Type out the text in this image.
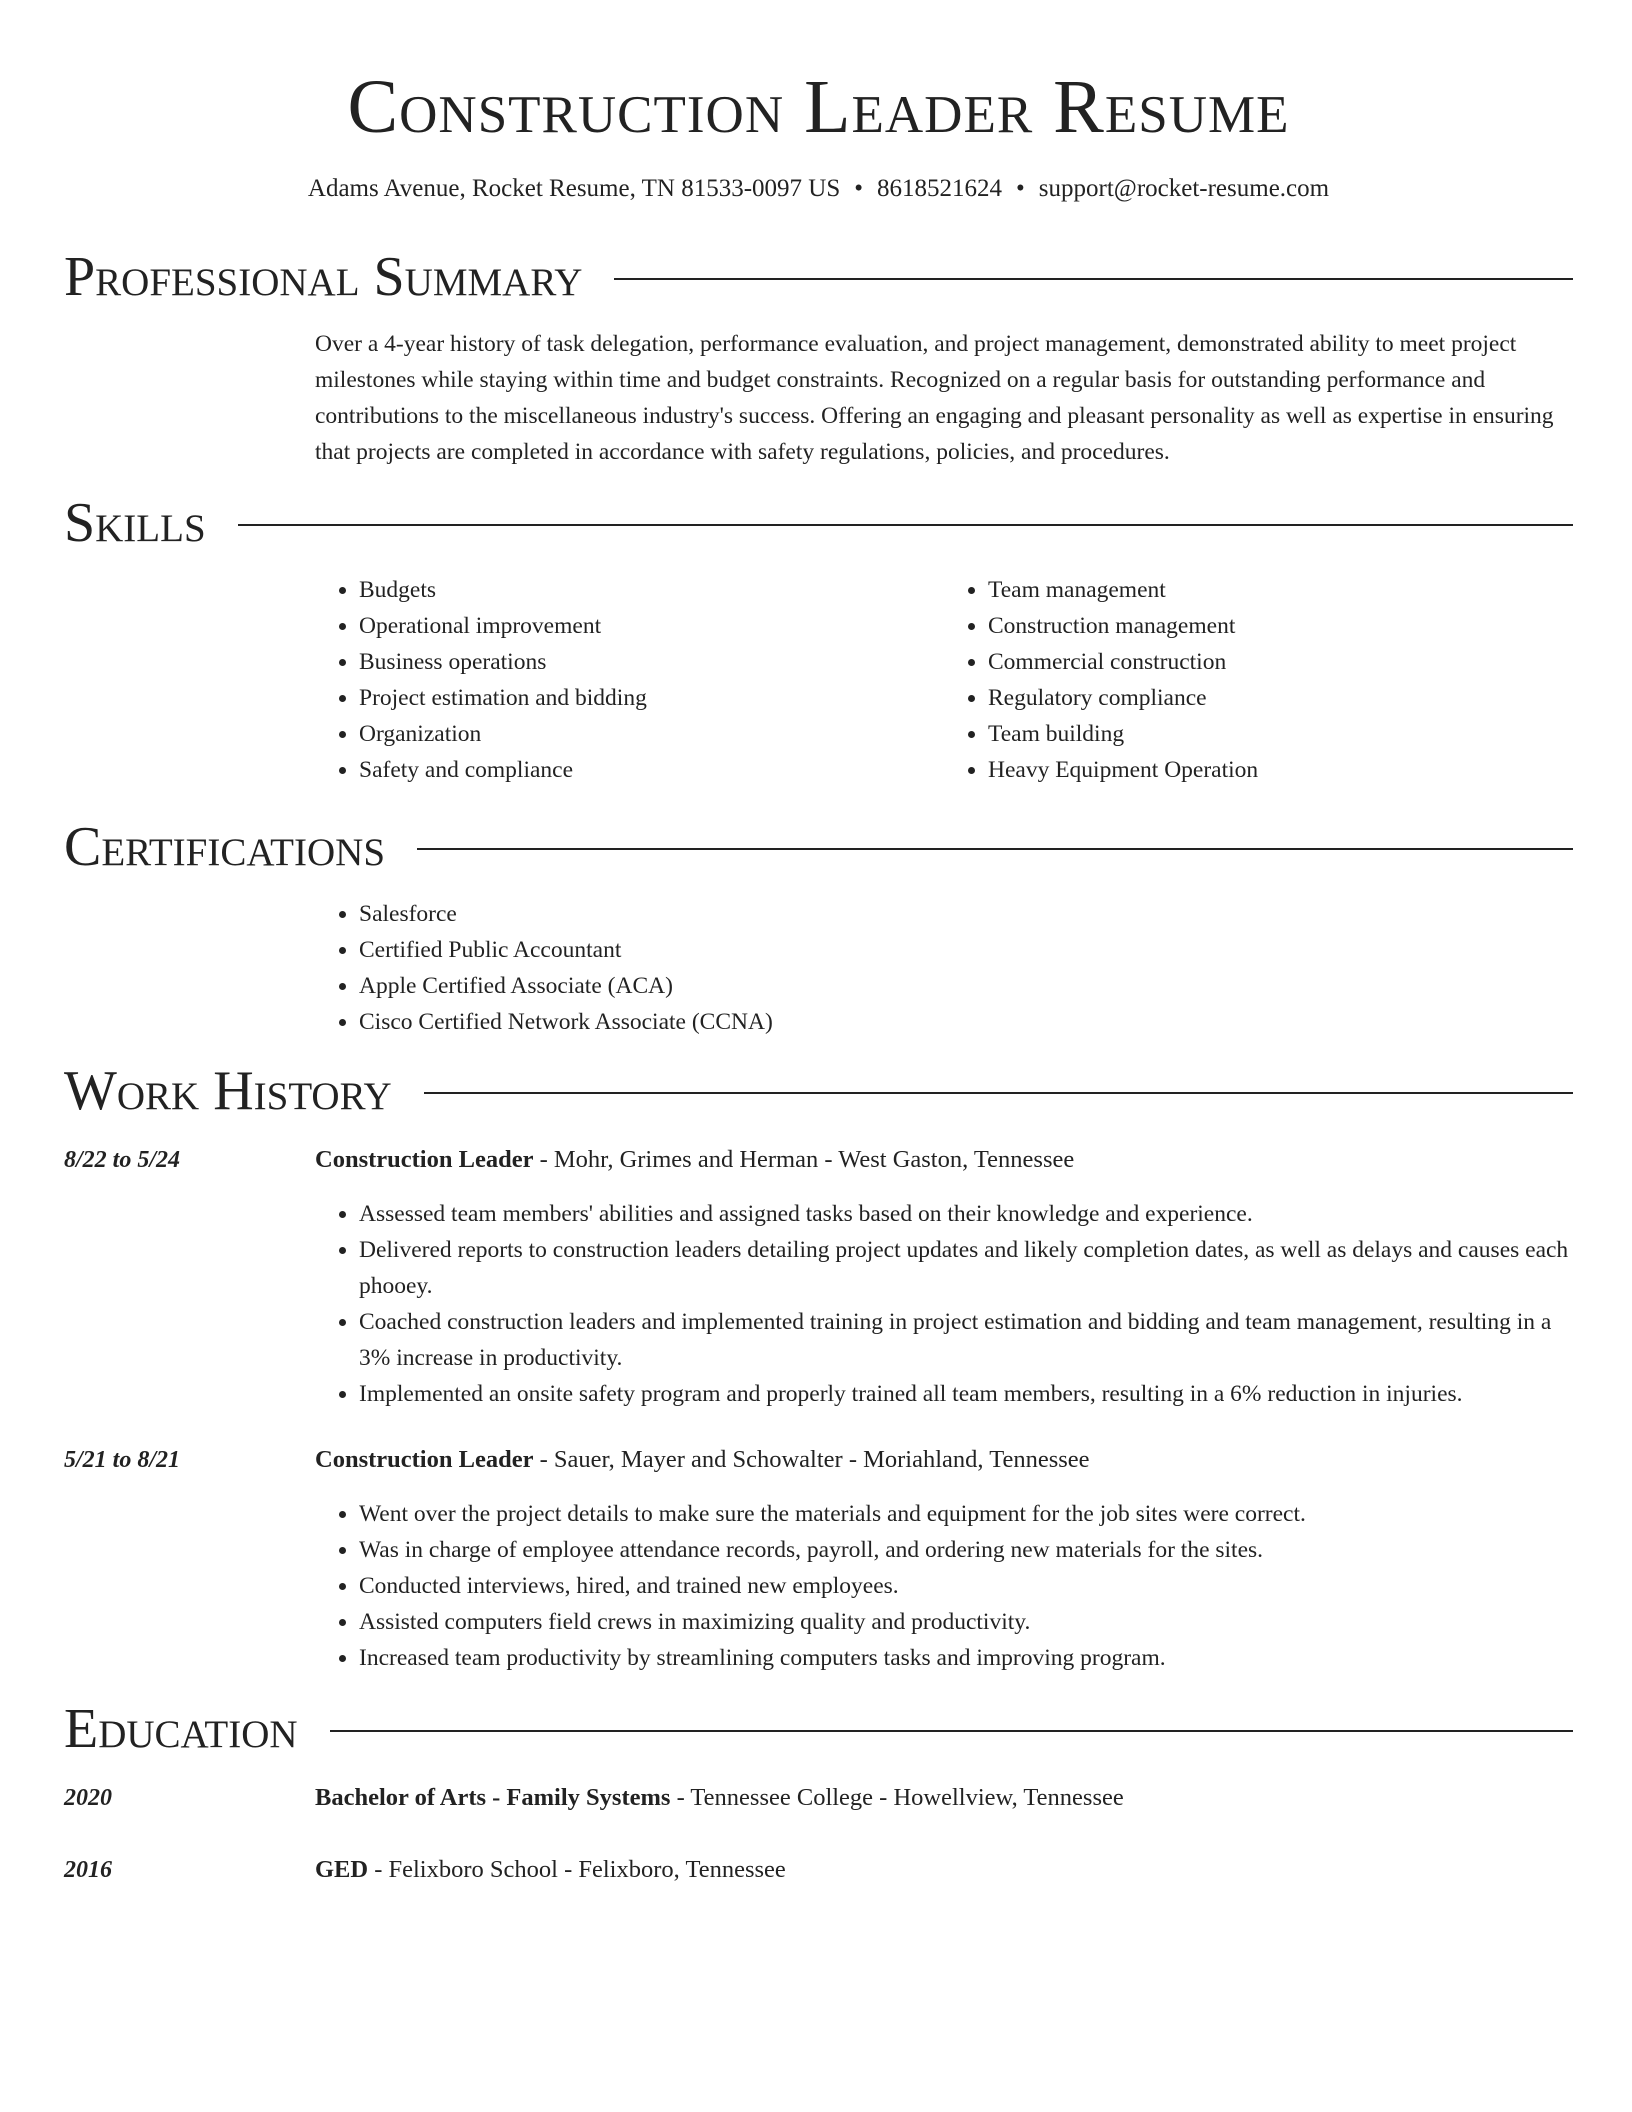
Construction Leader Resume
Adams Avenue, Rocket Resume, TN 81533-0097 US • 8618521624 • support@rocket-resume.com
Professional Summary
Over a 4-year history of task delegation, performance evaluation, and project management, demonstrated ability to meet project milestones while staying within time and budget constraints. Recognized on a regular basis for outstanding performance and contributions to the miscellaneous industry's success. Offering an engaging and pleasant personality as well as expertise in ensuring that projects are completed in accordance with safety regulations, policies, and procedures.
Skills
• Budgets
• Operational improvement
• Business operations
• Project estimation and bidding
• Organization
• Safety and compliance
• Team management
• Construction management
• Commercial construction
• Regulatory compliance
• Team building
• Heavy Equipment Operation
Certifications
• Salesforce
• Certified Public Accountant
• Apple Certified Associate (ACA)
• Cisco Certified Network Associate (CCNA)
Work History
8/22 to 5/24	Construction Leader - Mohr, Grimes and Herman - West Gaston, Tennessee
• Assessed team members' abilities and assigned tasks based on their knowledge and experience.
• Delivered reports to construction leaders detailing project updates and likely completion dates, as well as delays and causes each phooey.
• Coached construction leaders and implemented training in project estimation and bidding and team management, resulting in a 3% increase in productivity.
• Implemented an onsite safety program and properly trained all team members, resulting in a 6% reduction in injuries.
5/21 to 8/21	Construction Leader - Sauer, Mayer and Schowalter - Moriahland, Tennessee
• Went over the project details to make sure the materials and equipment for the job sites were correct.
• Was in charge of employee attendance records, payroll, and ordering new materials for the sites.
• Conducted interviews, hired, and trained new employees.
• Assisted computers field crews in maximizing quality and productivity.
• Increased team productivity by streamlining computers tasks and improving program.
Education
2020	Bachelor of Arts - Family Systems - Tennessee College - Howellview, Tennessee
2016	GED - Felixboro School - Felixboro, Tennessee
